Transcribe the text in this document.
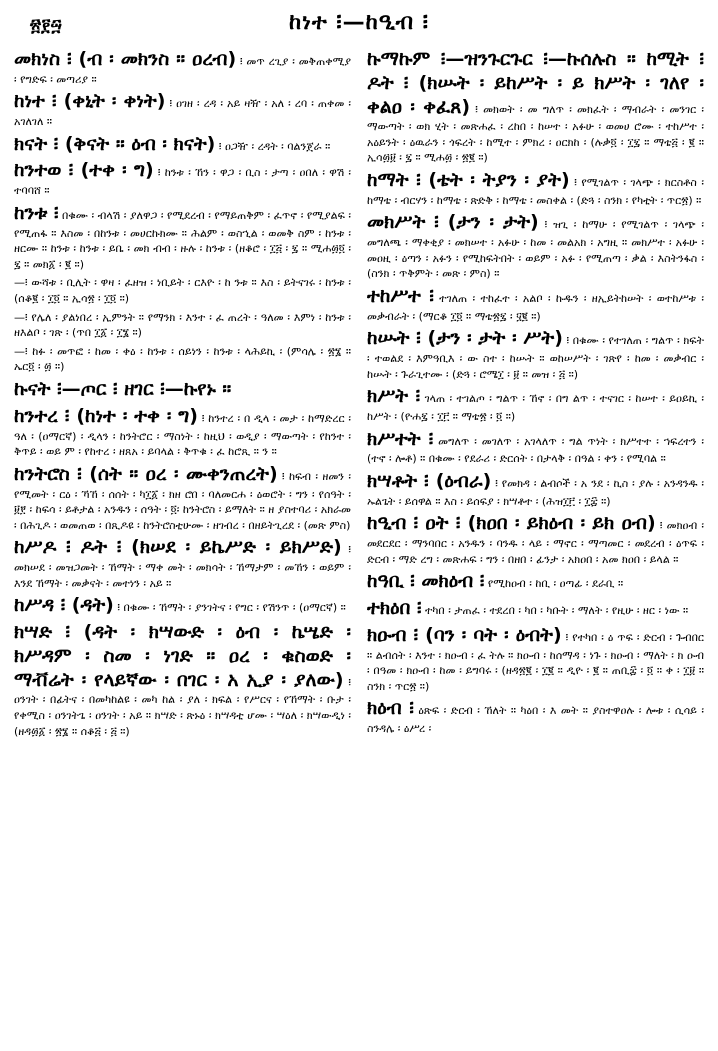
፳፻፵	ከነተ ፧—ከዒብ ፧

መክነስ ፧ (ብ ፡ መክንስ ። ዐረብ) ፧ መጥ ረጊያ ፡ መቅጠቀሚያ ፡ የግድፍ ፡ መጣሪያ ።

ከነተ ፧ (ቀኒት ፡ ቀነት) ፧ ዐገዘ ፡ ረዳ ፡ አይ ዛዥ ፡ አለ ፡ ረባ ፡ ጠቀመ ፡ አገለገለ ።

ክናት ፧ (ቅናት ። ዕብ ፡ ክናት) ፧ ዐጋዥ ፡ ረዳት ፡ ባልንጀራ ።

ከንተወ ፧ (ተቀ ፡ ግ) ፧ ከንቱ ፡ ኸን ፡ ዋጋ ፡ ቢስ ፡ ታጣ ፡ ዐበለ ፡ ዋሽ ፡ ተባባሸ ።

ከንቱ ፧ በቁሙ ፡ ብላሽ ፡ ያለዋጋ ፡ የሚደረብ ፡ የማይጠቅም ፡ ፈጥኖ ፡ የሚያልፍ ፡ የሚጠፋ ። እስመ ፡ በከንቱ ፡ መሀርኩክሙ ። ሕልም ፡ ወስኂል ፡ ወመቅ ስም ፡ ከንቱ ፡ ዘርሙ ። ከንቱ ፡ ከንቱ ፡ ይቤ ፡ መክ ብብ ፡ ዙሉ ፡ ከንቱ ፡ (ዘቆሮ ፡ ፲፭ ፡ ፯ ። ሚሐ፴፬ ፡ ፯ ። መክ፩ ፡ ፪ ።)

—፧ ውሻቱ ፡ ቢሊት ፡ ዋዛ ፡ ፈዘዝ ፡ ነቢይት ፡ ርእዮ ፡ ከ ንቱ ። እስ ፡ ይትናገሩ ፡ ከንቱ ፡ (ሰቆ፪ ፡ ፲፬ ። ኢሳ፳ ፡ ፲፬ ።)

—፧ የሌለ ፡ ያልነበረ ፡ ኢምንት ። የማንክ ፡ እንተ ፡ ፈ ጠረት ፡ ዓለመ ፡ እምነ ፡ ከንቱ ፡ ዘእልቦ ፡ ገጽ ፡ (ጥበ ፲፩ ፡ ፲፮ ።)

—፧ ከፉ ፡ መጥፎ ፡ ከመ ፡ ቀዕ ፡ ከንቱ ፡ ሰይነን ፡ ከንቱ ፡ ላሕይኪ ፡ (ምሳሌ ፡ ፳፮ ። ኤር፬ ፡ ፴ ።)

ኩናት ፧—ጦር ፧ ዘገር ፧—ኩየኑ ።

ከንተረ ፧ (ከነተ ፡ ተቀ ፡ ግ) ፧ ከንተረ ፡ በ ዲላ ፡ መታ ፡ ከማድረር ፡ ዓለ ፡ (ዐማርኛ) ፡ ዲላን ፡ ከንትሮር ፡ ማስነት ፡ ከዚህ ፡ ወዲያ ፡ ማውጣት ፡ የከንተ ፡ ቅጥይ ፡ ወይ ም ፡ የከተረ ፡ ዘጸአ ፡ ይባላል ፡ ቅጥቁ ፡ ፈ ከሮጺ ። ን ።

ከንትሮስ ፧ (ሰት ። ዐረ ፡ ሙቀንጠረት) ፧ ከፍብ ፡ ዘመን ፡ የሚመት ፡ ርዕ ፡ ኻኸ ፡ ሰሰት ፡ ካ፲፩ ፡ ክዘ ሮበ ፡ ባለመርሐ ፡ ዕወሮት ፡ ግን ፡ የሰዓት ፡ ፱፻ ፡ ከፍሳ ፡ ይቶታል ፡ አንዱን ፡ ሰዓት ፡ ፬፡ ከንትሮስ ፡ ይማለት ። ዘ ያስተባሪ ፡ አክራመ ፡ በሕጊዶ ፡ ወመጠወ ፡ በጺዶዩ ፡ ከንትሮስቲሁሙ ፡ ዘገብረ ፡ በዘይትጊረደ ፡ (መጽ ምስ)

ከሥዶ ፧ ዶት ፧ (ክሠደ ፡ ይኬሥድ ፡ ይክሥድ) ፧ መክሠደ ፡ መዝጋመት ፡ ኸማት ፡ ማቀ መት ፡ መክሳት ፡ ኸማታም ፡ መኸን ፡ ወይም ፡ እንደ ኸማት ፡ መቃናት ፡ መተነን ፡ አይ ።

ከሥዳ ፧ (ዳት) ፧ በቁሙ ፡ ኸማት ፡ ያንገትና ፡ የግር ፡ የሽንጥ ፡ (ዐማርኛ) ።

ክሣድ ፧ (ዳት ፡ ክሣውድ ፡ ዕብ ፡ ኬሤድ ፡ ክሥዳም ፡ ስመ ፡ ነገድ ። ዐረ ፡ ቁስወድ ፡ ማቭሬት ፡ የላይኛው ፡ በገር ፡ አ ኢያ ፡ ያለው) ፧ ዐንገት ፡ በፊትና ፡ በመካከልዩ ፡ መካ ከል ፡ ያለ ፡ ክፍል ፡ የሥርና ፡ የኸማት ፡ ቡታ ፡ የቀሚስ ፡ ዐንገትጌ ፡ ዐንገት ፡ አይ ። ክሣድ ፡ ጽኑዕ ፡ ክሣዳቲ ሆሙ ፡ ሣዕለ ፡ ክሣውዲነ ፡ (ዘዳ፴፩ ፡ ፳፮ ። ሰቆ፭ ፡ ፭ ።)

ኩማኩም ፧—ዝንጉርጉር ፧—ኩሰሉስ ። ከሚት ፧ ዶት ፧ (ክሡት ፡ ይከሥት ፡ ይ ክሥት ፡ ገለየ ፡ ቀልዐ ፡ ቀፈጸ) ፧ መክወት ፡ መ ግለጥ ፡ መክፈት ፡ ማብራት ፡ መንገር ፡ ማውጣት ፡ ወክ ሂት ፡ መጽሐፈ ፡ ረከበ ፡ ከሠተ ፡ አፉሁ ፡ ወመሀ ሮሙ ፡ ተከሥተ ፡ አዕይንት ፡ ዕዉራን ፡ ጎፍረት ፡ ከሚተ ፡ ምክረ ፡ ዐርክከ ፡ (ሉቃ፬ ፡ ፲፯ ። ማቴ፭ ፡ ፪ ። ኢሳ፴፱ ፡ ፯ ። ሚሐ፴ ፡ ፳፪ ።)

ከማት ፧ (ቴት ፡ ትያን ፡ ያት) ፧ የሚገልጥ ፡ ገላጭ ፡ ክርስቶስ ፡ ከማቴ ፡ ብርሃን ፡ ከማቴ ፡ ጽድቅ ፡ ከማቴ ፡ መስቀል ፡ (ድጓ ፡ ስንክ ፡ የካቲት ፡ ጥር፳) ።

መክሥት ፧ (ታን ፡ ታት) ፧ ዝጊ ፡ ከማሁ ፡ የሚገልጥ ፡ ገላጭ ፡ መግለጫ ፡ ማቀቂያ ፡ መክሠተ ፡ አፉሁ ፡ ከመ ፡ መልአክ ፡ አግዚ ። መክሥተ ፡ አፉሁ ፡ መዐዚ ፡ ዕጣን ፡ አፉን ፡ የሚከፍትበት ፡ ወይም ፡ አፉ ፡ የሚጠጣ ፡ ቃል ፡ እስትንፋስ ፡ (ስንክ ፡ ጥቅምት ፡ መጽ ፡ ምስ) ።

ተከሥተ ፧ ተገለጠ ፡ ተከፈተ ፡ አልቦ ፡ ኩዱን ፡ ዘኢይትከሠት ፡ ወተከሥቱ ፡ መቃብራት ፡ (ማርቆ ፲፬ ። ማቴ፳፯ ፡ ፶፪ ።)

ከሡት ፧ (ታን ፡ ታት ፡ ሥት) ፧ በቁሙ ፡ የተገለጠ ፡ ግልጥ ፡ ክፍት ፡ ተወልደ ፡ እምዓቢእ ፡ ው ስተ ፡ ከሡት ። ወከሠሥት ፡ ገጽየ ፡ ከመ ፡ መቃብር ፡ ከሡት ፡ ጉራጊተሙ ፡ (ድጓ ፡ ሮሜ፲ ፡ ፱ ። መዝ ፡ ፭ ።)

ክሥት ፧ ገላጠ ፡ ተገልጦ ፡ ግልጥ ፡ ኸኖ ፡ በግ ልጥ ፡ ተናገር ፡ ከሠተ ፡ ይዐይኪ ፡ ከሥት ፡ (ዮሐ፯ ፡ ፲፫ ። ማቴ፳ ፡ ፬ ።)

ክሥተት ፧ መግለጥ ፡ መገለጥ ፡ አገላለጥ ፡ ግል ጥነት ፡ ክሥተተ ፡ ኀፍረተን ፡ (ተኖ ፡ ሎቶ) ። በቁሙ ፡ የደራሪ ፡ ድርሰት ፡ በታላቅ ፡ በዓል ፡ ቀን ፡ የሚባል ።

ክሣቶት ፧ (ዕብራ) ፧ የመክዳ ፡ ልብሶች ፡ አ ንደ ፡ ኪስ ፡ ያሉ ፡ አንዳንዱ ፡ ኡልጌት ፡ ይሰዋል ። እስ ፡ ይሰፍያ ፡ ክሣቶተ ፡ (ሕዝ፲፫ ፡ ፲፰ ።)

ከዒብ ፧ ዐት ፧ (ክዐበ ፡ ይክዕብ ፡ ይክ ዐብ) ፧ መክዐብ ፡ መደርደር ፡ ማንባበር ፡ አንዱን ፡ ባንዱ ፡ ላይ ፡ ማኖር ፡ ማጣመር ፡ መደረብ ፡ ዕጥፍ ፡ ድርብ ፡ ማድ ረግ ፡ መጽሐፍ ፡ ግን ፡ በዘበ ፡ ፊንታ ፡ አክዐበ ፡ አመ ክዐበ ፡ ይላል ።

ከዓቢ ፧ መክዕብ ፧ የሚከዐብ ፡ ከቢ ፡ ዐጣፊ ፡ ደራቢ ።

ተክዕበ ፧ ተካበ ፡ ታጠፈ ፡ ተደረበ ፡ ካበ ፡ ካቡት ፡ ማለት ፡ የዚሁ ፡ ዘር ፡ ነው ።

ክዑብ ፧ (ባን ፡ ባት ፡ ዕብት) ፧ የተካበ ፡ ዕ ጥፍ ፡ ድርብ ፡ ጉብበር ። ልብሰት ፡ እንተ ፡ ክዑብ ፡ ፈ ትሉ ። ክዑብ ፡ ከሰማዳ ፡ ነጉ ፡ ክዑብ ፡ ማለት ፡ ክ ዑብ ፡ በዓመ ፡ ክዑብ ፡ ከመ ፡ ይግባሩ ፡ (ዘዳ፳፪ ፡ ፲፪ ። ዲዮ ፡ ፪ ። ጠቢ፰ ፡ ፬ ። ቀ ፡ ፲፱ ። ስንክ ፡ ጥር፳ ።)

ክዕብ ፧ ዕጽፍ ፡ ድርብ ፡ ኸለት ። ካዕበ ፡ እ መት ። ያስተዋዐሉ ፡ ሎቱ ፡ ሲሳይ ፡ ስንዳሌ ፡ ዕሥረ ፡
